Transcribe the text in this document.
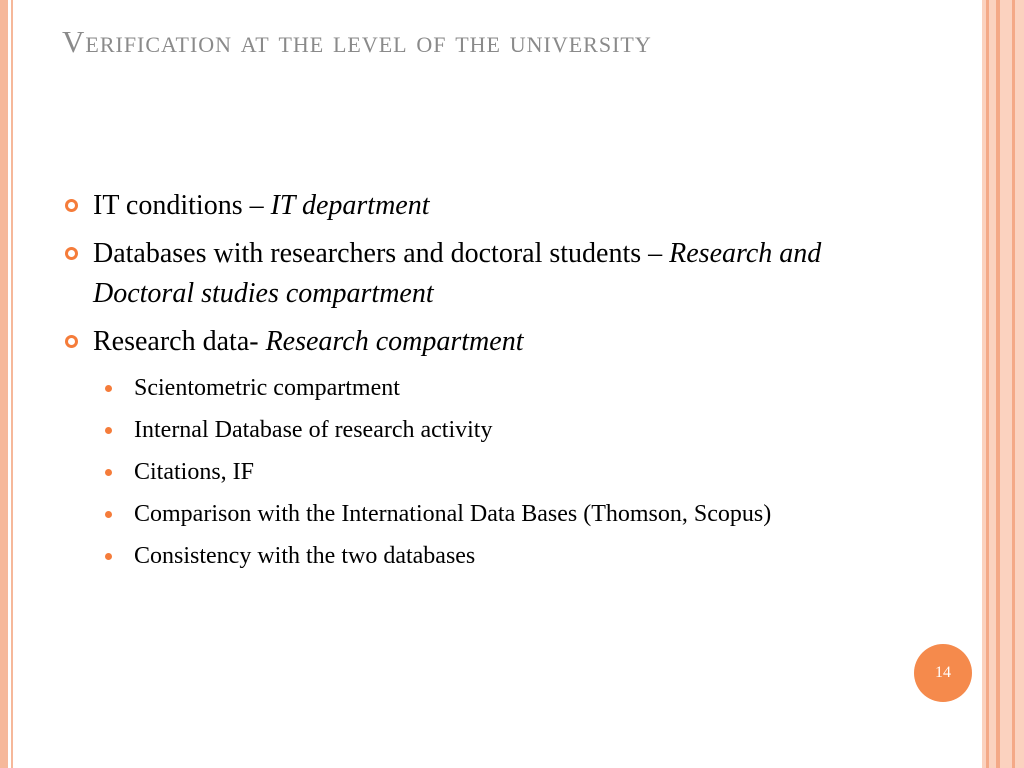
Verification at the level of the university
IT conditions – IT department
Databases with researchers and doctoral students – Research and Doctoral studies compartment
Research data- Research compartment
Scientometric compartment
Internal Database of research activity
Citations, IF
Comparison with the International Data Bases (Thomson, Scopus)
Consistency with the two databases
14
